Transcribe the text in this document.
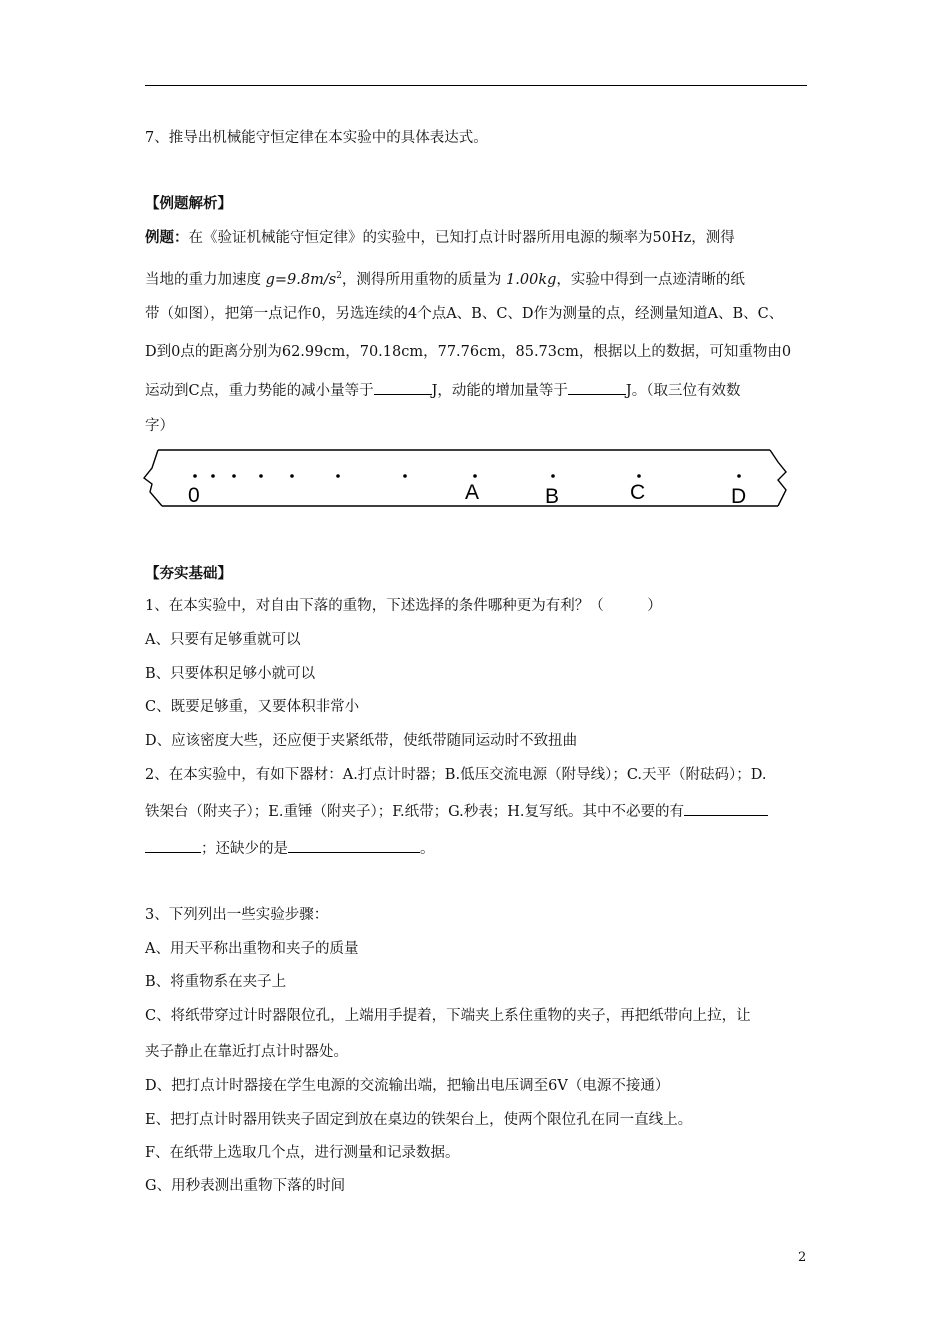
7、推导出机械能守恒定律在本实验中的具体表达式。
【例题解析】
例题：在《验证机械能守恒定律》的实验中，已知打点计时器所用电源的频率为50Hz，测得
当地的重力加速度 $g=9.8m/s^2$，测得所用重物的质量为 1.00kg，实验中得到一点迹清晰的纸
带（如图），把第一点记作0，另选连续的4个点A、B、C、D作为测量的点，经测量知道A、B、C、
D到0点的距离分别为62.99cm，70.18cm，77.76cm，85.73cm，根据以上的数据，可知重物由0
运动到C点，重力势能的减小量等于	J，动能的增加量等于	J。（取三位有效数
字）
0	A	B	C	D
【夯实基础】
1、在本实验中，对自由下落的重物，下述选择的条件哪种更为有利？（　　　）
A、只要有足够重就可以
B、只要体积足够小就可以
C、既要足够重，又要体积非常小
D、应该密度大些，还应便于夹紧纸带，使纸带随同运动时不致扭曲
2、在本实验中，有如下器材：A.打点计时器；B.低压交流电源（附导线）；C.天平（附砝码）；D.
铁架台（附夹子）；E.重锤（附夹子）；F.纸带；G.秒表；H.复写纸。其中不必要的有
；还缺少的是	。
3、下列列出一些实验步骤：
A、用天平称出重物和夹子的质量
B、将重物系在夹子上
C、将纸带穿过计时器限位孔，上端用手提着，下端夹上系住重物的夹子，再把纸带向上拉，让
夹子静止在靠近打点计时器处。
D、把打点计时器接在学生电源的交流输出端，把输出电压调至6V（电源不接通）
E、把打点计时器用铁夹子固定到放在桌边的铁架台上，使两个限位孔在同一直线上。
F、在纸带上选取几个点，进行测量和记录数据。
G、用秒表测出重物下落的时间
2
